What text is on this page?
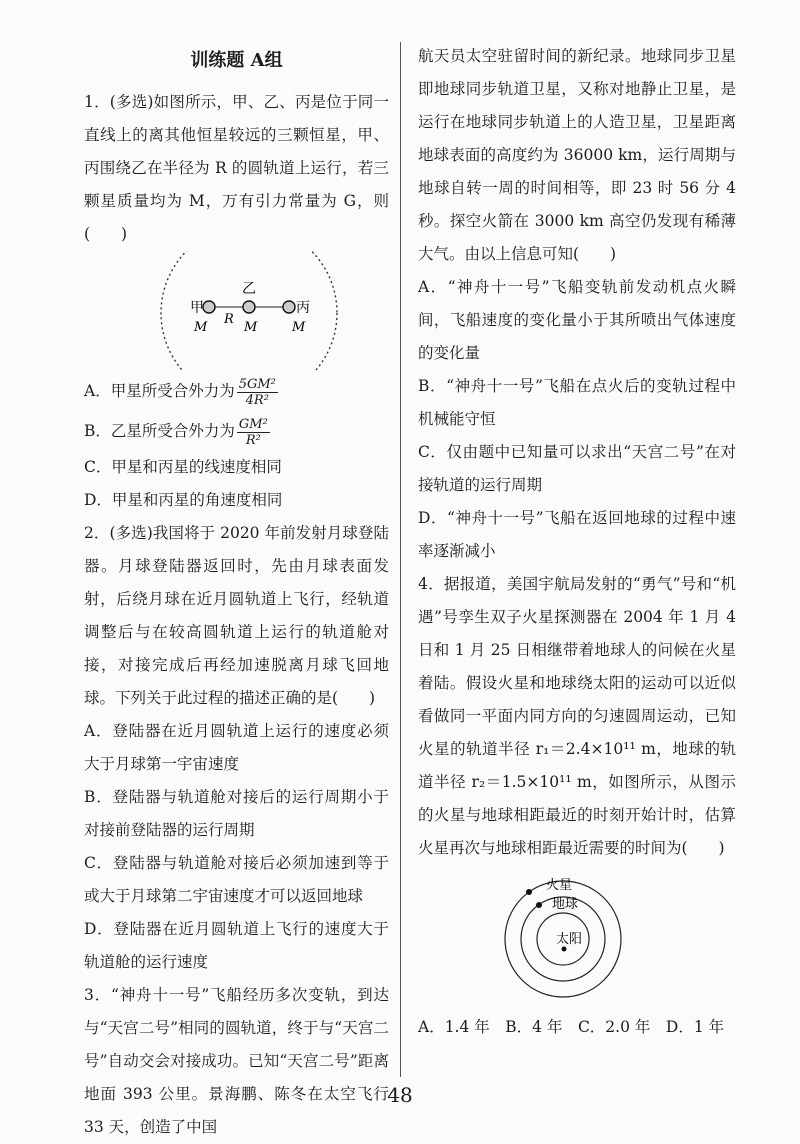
训练题 A组

1．(多选)如图所示，甲、乙、丙是位于同一直线上的离其他恒星较远的三颗恒星，甲、丙围绕乙在半径为 R 的圆轨道上运行，若三颗星质量均为 M，万有引力常量为 G，则(　　)

甲
乙
丙
R
M	M	M
A．甲星所受合外力为 $\frac{\text{5GM²}}{\text{4R²}}$
B．乙星所受合外力为 $\frac{\text{GM²}}{\text{R²}}$

C．甲星和丙星的线速度相同

D．甲星和丙星的角速度相同

2．(多选)我国将于 2020 年前发射月球登陆器。月球登陆器返回时，先由月球表面发射，后绕月球在近月圆轨道上飞行，经轨道调整后与在较高圆轨道上运行的轨道舱对接，对接完成后再经加速脱离月球飞回地球。下列关于此过程的描述正确的是(　　)

A．登陆器在近月圆轨道上运行的速度必须大于月球第一宇宙速度

B．登陆器与轨道舱对接后的运行周期小于对接前登陆器的运行周期

C．登陆器与轨道舱对接后必须加速到等于或大于月球第二宇宙速度才可以返回地球

D．登陆器在近月圆轨道上飞行的速度大于轨道舱的运行速度

3．“神舟十一号”飞船经历多次变轨，到达与“天宫二号”相同的圆轨道，终于与“天宫二号”自动交会对接成功。已知“天宫二号”距离地面 393 公里。景海鹏、陈冬在太空飞行 33 天，创造了中国

航天员太空驻留时间的新纪录。地球同步卫星即地球同步轨道卫星，又称对地静止卫星，是运行在地球同步轨道上的人造卫星，卫星距离地球表面的高度约为 36000 km，运行周期与地球自转一周的时间相等，即 23 时 56 分 4 秒。探空火箭在 3000 km 高空仍发现有稀薄大气。由以上信息可知(　　)

A．“神舟十一号”飞船变轨前发动机点火瞬间，飞船速度的变化量小于其所喷出气体速度的变化量

B．“神舟十一号”飞船在点火后的变轨过程中机械能守恒

C．仅由题中已知量可以求出“天宫二号”在对接轨道的运行周期

D．“神舟十一号”飞船在返回地球的过程中速率逐渐减小

4．据报道，美国宇航局发射的“勇气”号和“机遇”号孪生双子火星探测器在 2004 年 1 月 4 日和 1 月 25 日相继带着地球人的问候在火星着陆。假设火星和地球绕太阳的运动可以近似看做同一平面内同方向的匀速圆周运动，已知火星的轨道半径 r₁＝2.4×10¹¹ m，地球的轨道半径 r₂＝1.5×10¹¹ m，如图所示，从图示的火星与地球相距最近的时刻开始计时，估算火星再次与地球相距最近需要的时间为(　　)

火星
地球
太阳

A．1.4 年　B．4 年　C．2.0 年　D．1 年

48
